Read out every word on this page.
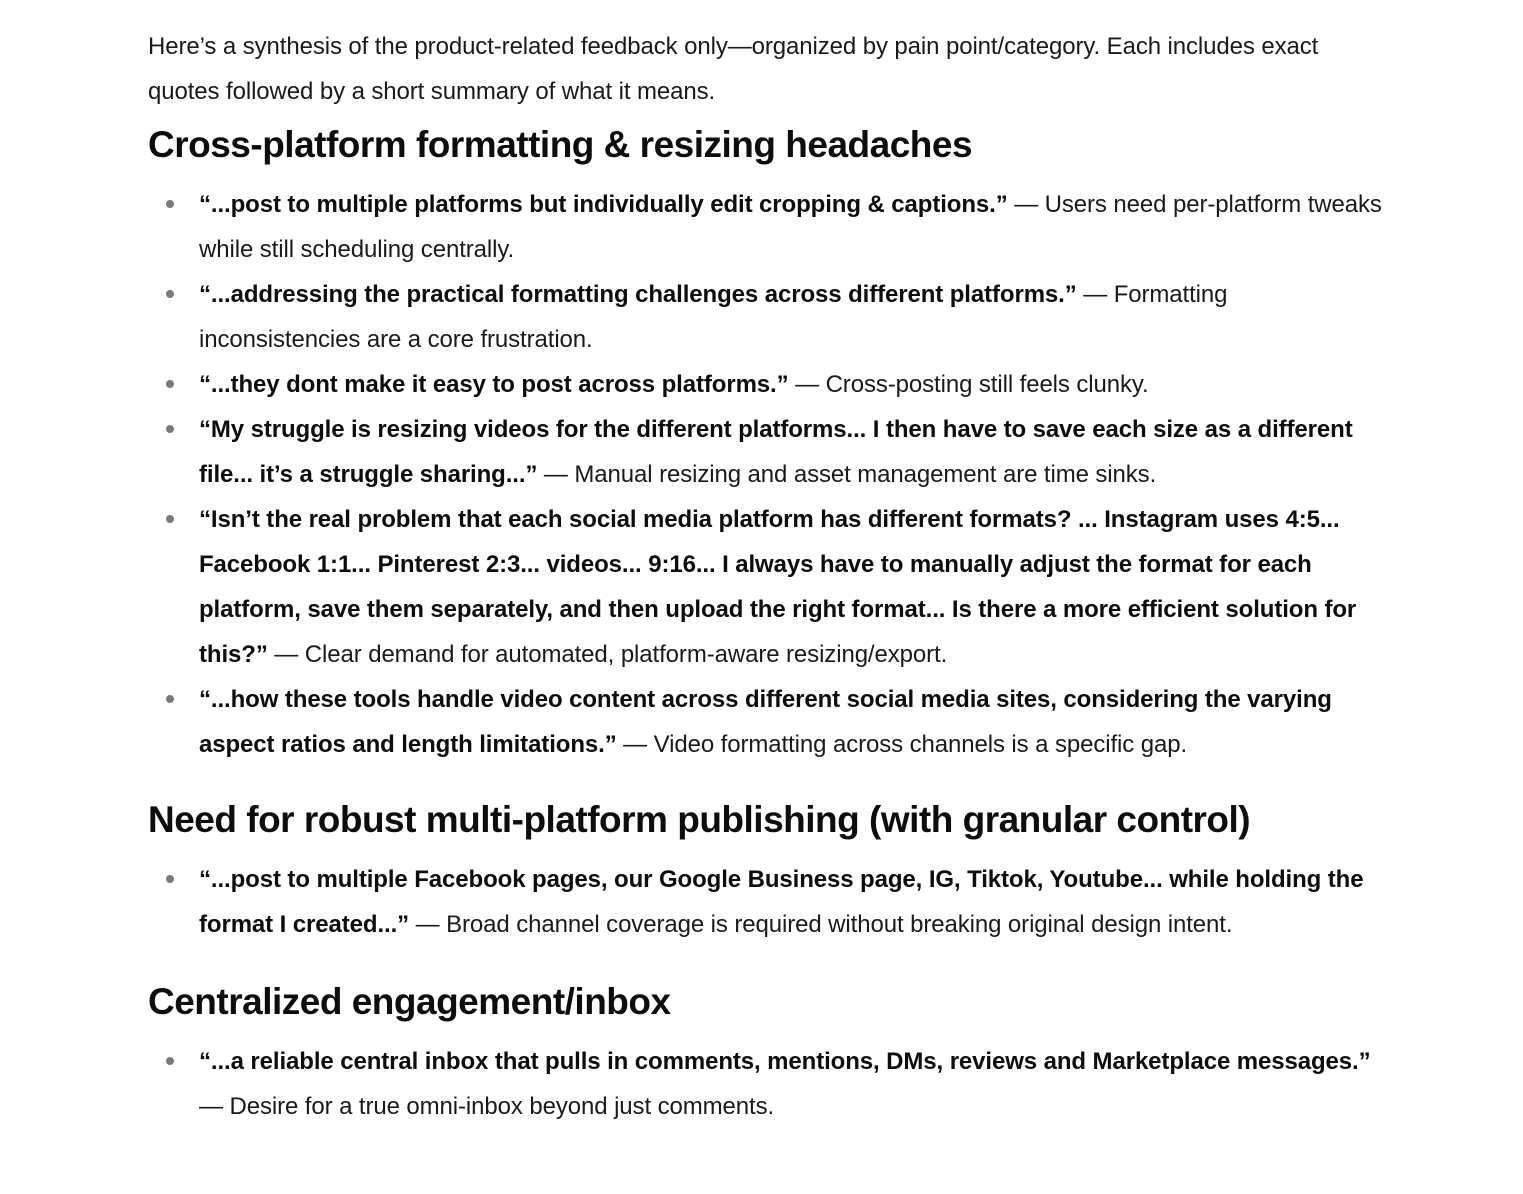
Here’s a synthesis of the product-related feedback only—organized by pain point/category. Each includes exact quotes followed by a short summary of what it means.

Cross-platform formatting & resizing headaches
“...post to multiple platforms but individually edit cropping & captions.” — Users need per-platform tweaks while still scheduling centrally.
“...addressing the practical formatting challenges across different platforms.” — Formatting inconsistencies are a core frustration.
“...they dont make it easy to post across platforms.” — Cross-posting still feels clunky.
“My struggle is resizing videos for the different platforms... I then have to save each size as a different file... it’s a struggle sharing...” — Manual resizing and asset management are time sinks.
“Isn’t the real problem that each social media platform has different formats? ... Instagram uses 4:5... Facebook 1:1... Pinterest 2:3... videos... 9:16... I always have to manually adjust the format for each platform, save them separately, and then upload the right format... Is there a more efficient solution for this?” — Clear demand for automated, platform-aware resizing/export.
“...how these tools handle video content across different social media sites, considering the varying aspect ratios and length limitations.” — Video formatting across channels is a specific gap.
Need for robust multi-platform publishing (with granular control)
“...post to multiple Facebook pages, our Google Business page, IG, Tiktok, Youtube... while holding the format I created...” — Broad channel coverage is required without breaking original design intent.
Centralized engagement/inbox
“...a reliable central inbox that pulls in comments, mentions, DMs, reviews and Marketplace messages.” — Desire for a true omni-inbox beyond just comments.
